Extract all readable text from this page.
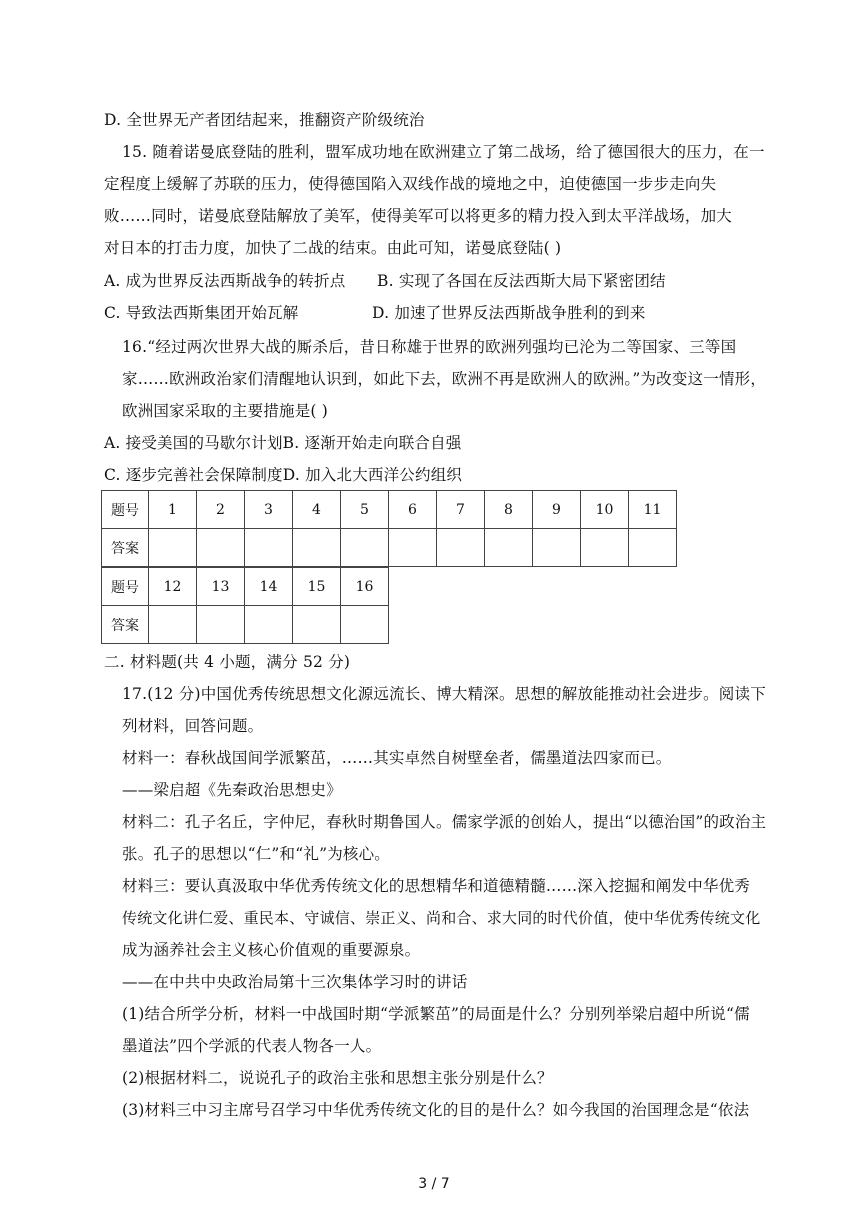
D. 全世界无产者团结起来，推翻资产阶级统治
15. 随着诺曼底登陆的胜利，盟军成功地在欧洲建立了第二战场，给了德国很大的压力，在一
定程度上缓解了苏联的压力，使得德国陷入双线作战的境地之中，迫使德国一步步走向失
败……同时，诺曼底登陆解放了美军，使得美军可以将更多的精力投入到太平洋战场，加大
对日本的打击力度，加快了二战的结束。由此可知，诺曼底登陆( )
A. 成为世界反法西斯战争的转折点 B. 实现了各国在反法西斯大局下紧密团结
C. 导致法西斯集团开始瓦解	D. 加速了世界反法西斯战争胜利的到来
16.“经过两次世界大战的厮杀后，昔日称雄于世界的欧洲列强均已沦为二等国家、三等国
家……欧洲政治家们清醒地认识到，如此下去，欧洲不再是欧洲人的欧洲。”为改变这一情形，
欧洲国家采取的主要措施是( )
A. 接受美国的马歇尔计划B. 逐渐开始走向联合自强
C. 逐步完善社会保障制度D. 加入北大西洋公约组织
题号	1	2	3	4	5	6	7	8	9	10	11
答案											
题号	12	13	14	15	16
答案					
二. 材料题(共 4 小题，满分 52 分)
17.(12 分)中国优秀传统思想文化源远流长、博大精深。思想的解放能推动社会进步。阅读下
列材料，回答问题。
材料一：春秋战国间学派繁茁，……其实卓然自树壁垒者，儒墨道法四家而已。
——梁启超《先秦政治思想史》
材料二：孔子名丘，字仲尼，春秋时期鲁国人。儒家学派的创始人，提出“以德治国”的政治主
张。孔子的思想以“仁”和“礼”为核心。
材料三：要认真汲取中华优秀传统文化的思想精华和道德精髓……深入挖掘和阐发中华优秀
传统文化讲仁爱、重民本、守诚信、崇正义、尚和合、求大同的时代价值，使中华优秀传统文化
成为涵养社会主义核心价值观的重要源泉。
——在中共中央政治局第十三次集体学习时的讲话
(1)结合所学分析，材料一中战国时期“学派繁茁”的局面是什么？分别列举梁启超中所说“儒
墨道法”四个学派的代表人物各一人。
(2)根据材料二，说说孔子的政治主张和思想主张分别是什么？
(3)材料三中习主席号召学习中华优秀传统文化的目的是什么？如今我国的治国理念是“依法
3 / 7
